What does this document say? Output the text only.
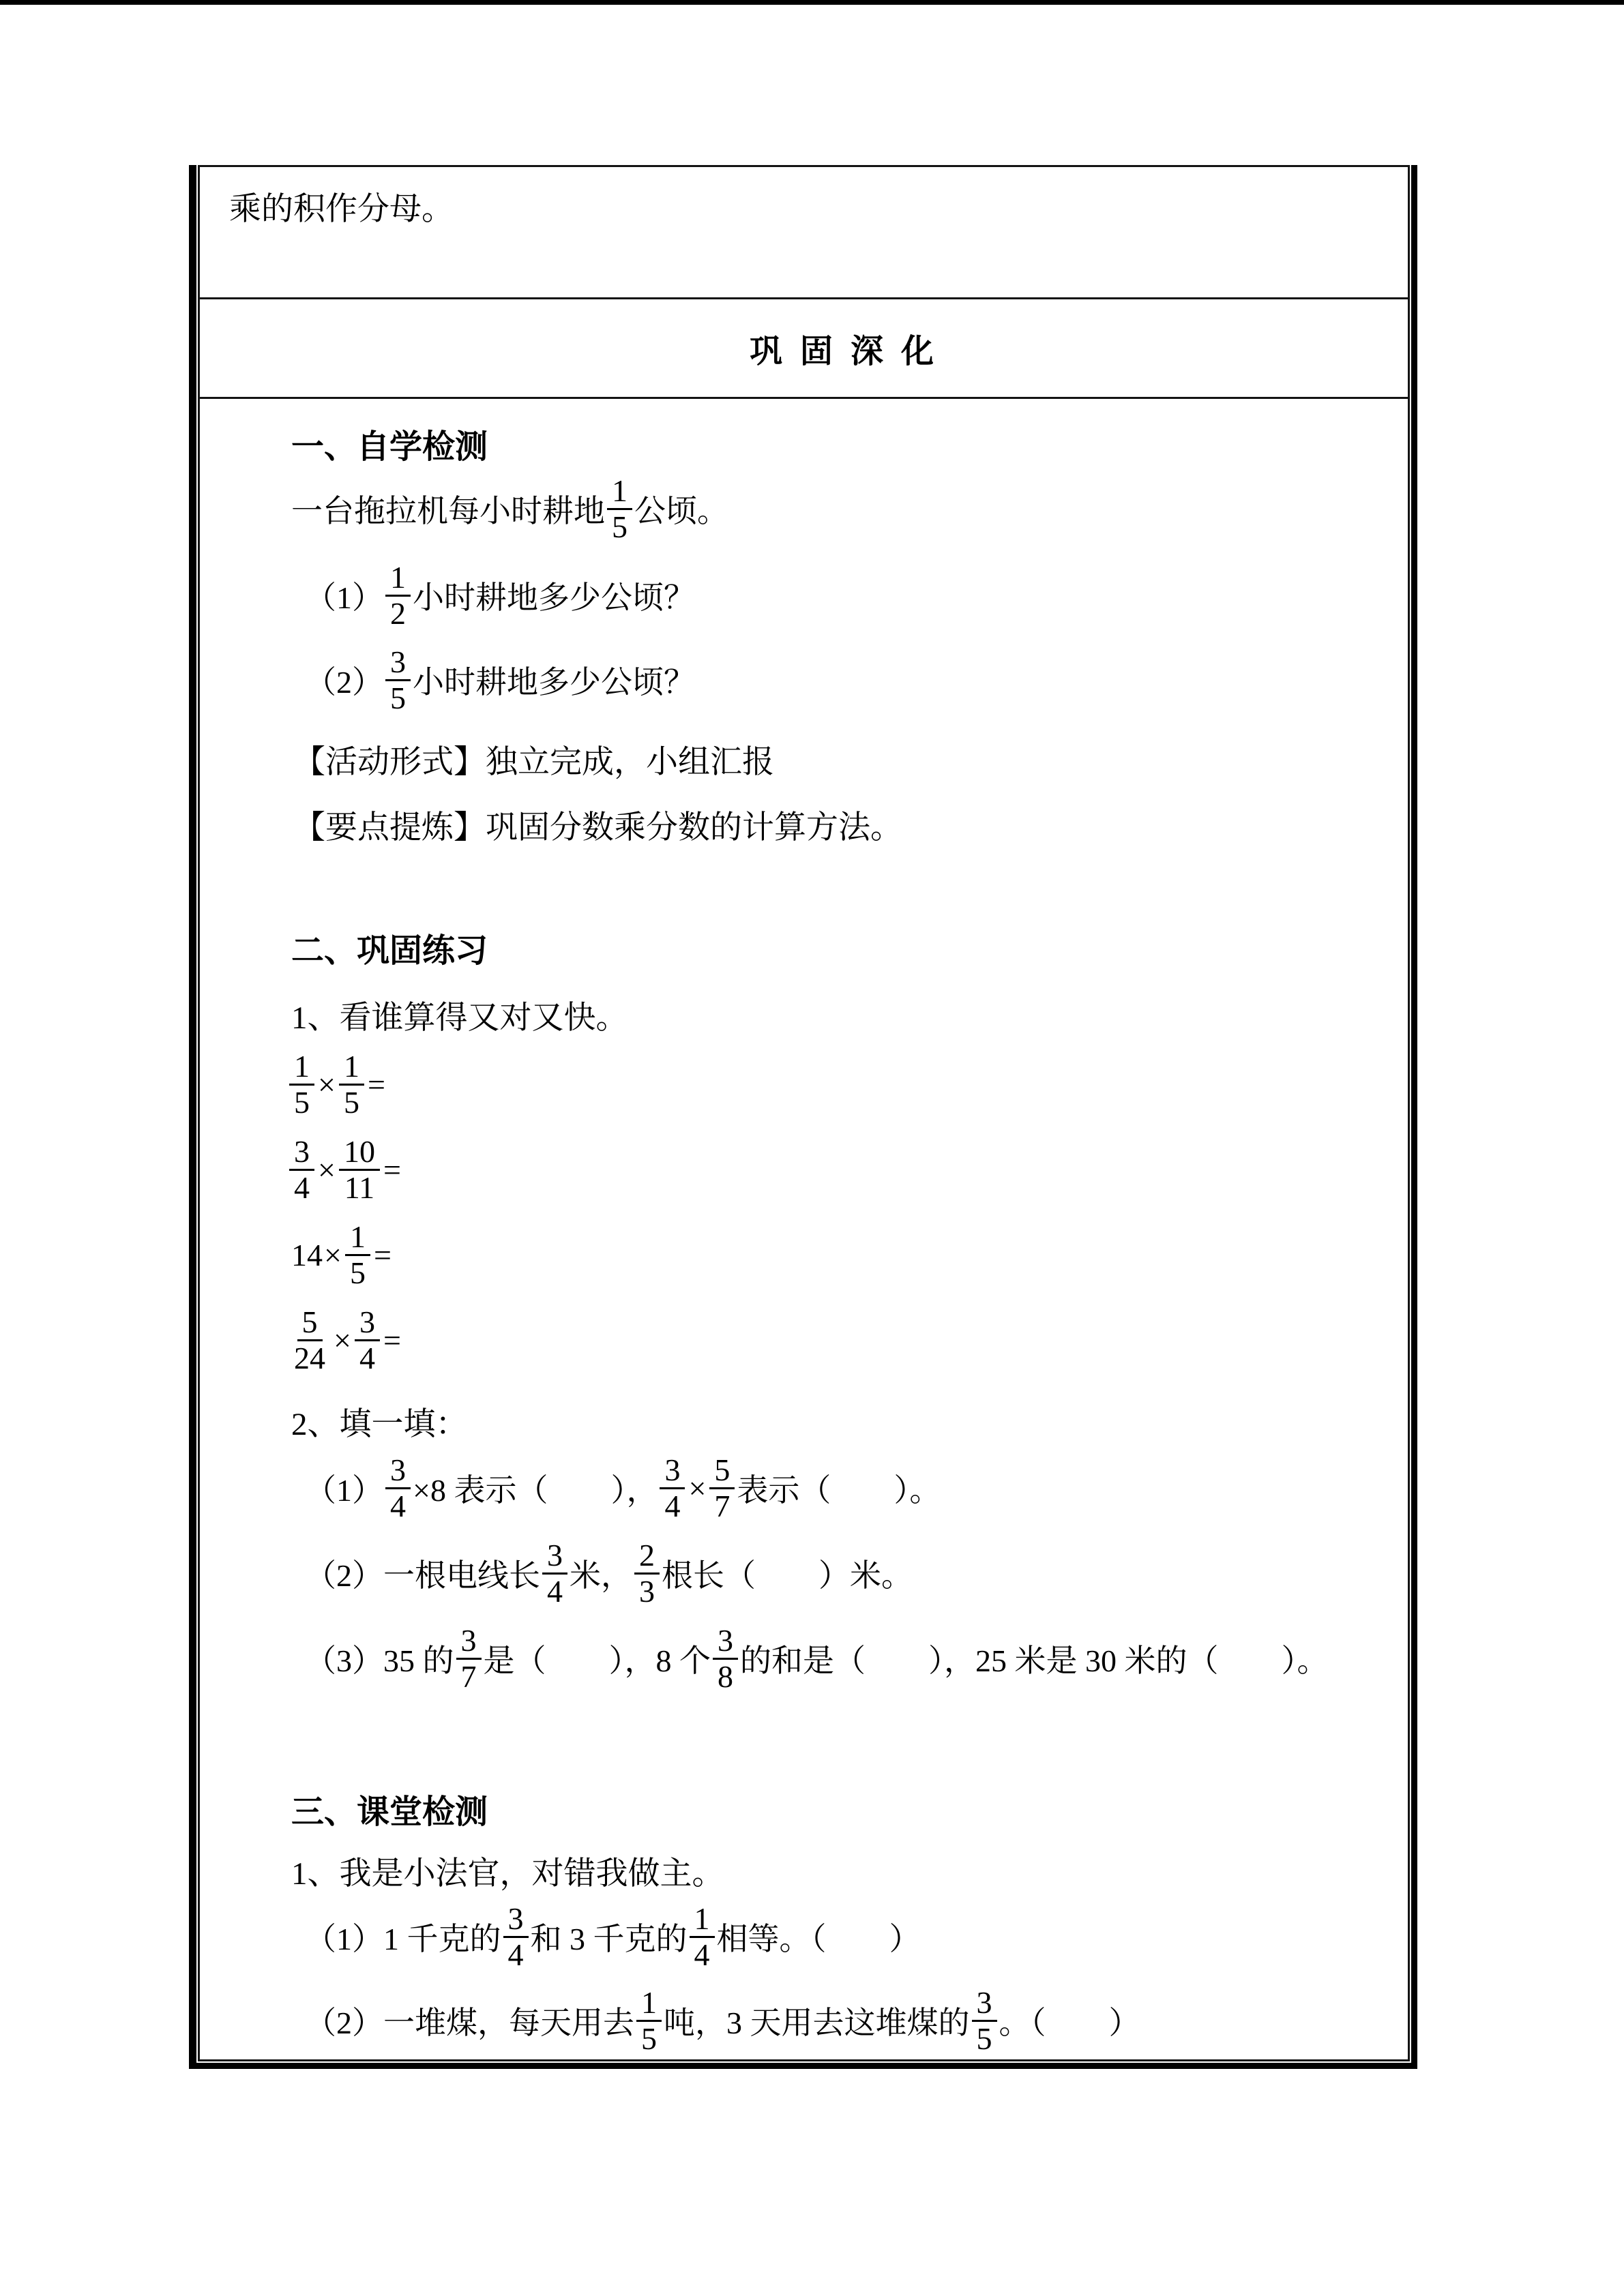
乘的积作分母。
巩 固 深 化
一、自学检测
一台拖拉机每小时耕地 $\frac{1}{5}$ 公顷。
$(1) \frac{1}{2}$ 小时耕地多少公顷？
$(2) \frac{3}{5}$ 小时耕地多少公顷？
【活动形式】独立完成，小组汇报
【要点提炼】巩固分数乘分数的计算方法。
二、巩固练习
1、看谁算得又对又快。
$\frac{1}{5} \times \frac{1}{5}$ =
$\frac{3}{4} \times \frac{10}{11}$ =
$14 \times \frac{1}{5}$ =
$\frac{5}{24} \times \frac{3}{4}$ =
2、填一填：
$(1) \frac{3}{4} \times 8$ 表示（　　）， $\frac{3}{4} \times \frac{5}{7}$ 表示（　　）。
（2）一根电线长 $\frac{3}{4}$ 米， $\frac{2}{3}$ 根长（　　）米。
（3）35 的 $\frac{3}{7}$ 是（　　），8 个 $\frac{3}{8}$ 的和是（　　），25 米是 30 米的（　　）。
三、课堂检测
1、我是小法官，对错我做主。
（1）1 千克的 $\frac{3}{4}$ 和 3 千克的 $\frac{1}{4}$ 相等。（　　）
（2）一堆煤，每天用去 $\frac{1}{5}$ 吨，3 天用去这堆煤的 $\frac{3}{5}$ 。（　　）
